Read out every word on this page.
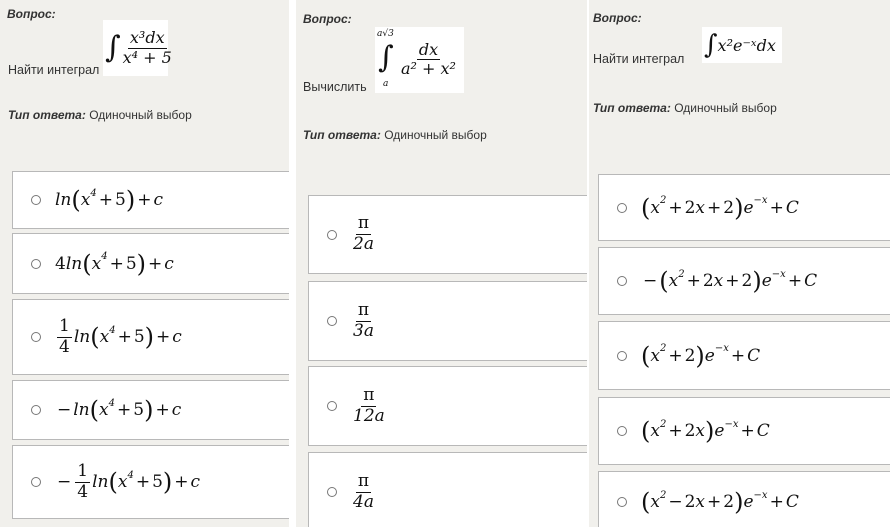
Вопрос:
Найти интеграл
∫ $\frac{\text{x³dx}}{\text{x⁴ + 5}}$
Тип ответа: Одиночный выбор
ln ( x 4 + 5 ) + c
4 ln ( x 4 + 5 ) + c
$\frac{1}{4}$ ln ( x 4 + 5 ) + c
− ln ( x 4 + 5 ) + c
− $\frac{1}{4}$ ln ( x 4 + 5 ) + c
Вопрос:
Вычислить
a√3
∫
a
$\frac{dx}{\text{a² + x²}}$
Тип ответа: Одиночный выбор
$\frac{\pi}{2a}$
$\frac{\pi}{3a}$
$\frac{\pi}{12a}$
$\frac{\pi}{4a}$
Вопрос:
Найти интеграл ∫ x²e⁻ˣdx
Тип ответа: Одиночный выбор
( x 2 + 2 x + 2 ) e −x + C
− ( x 2 + 2 x + 2 ) e −x + C
( x 2 + 2 ) e −x + C
( x 2 + 2 x ) e −x + C
( x 2 − 2 x + 2 ) e −x + C
